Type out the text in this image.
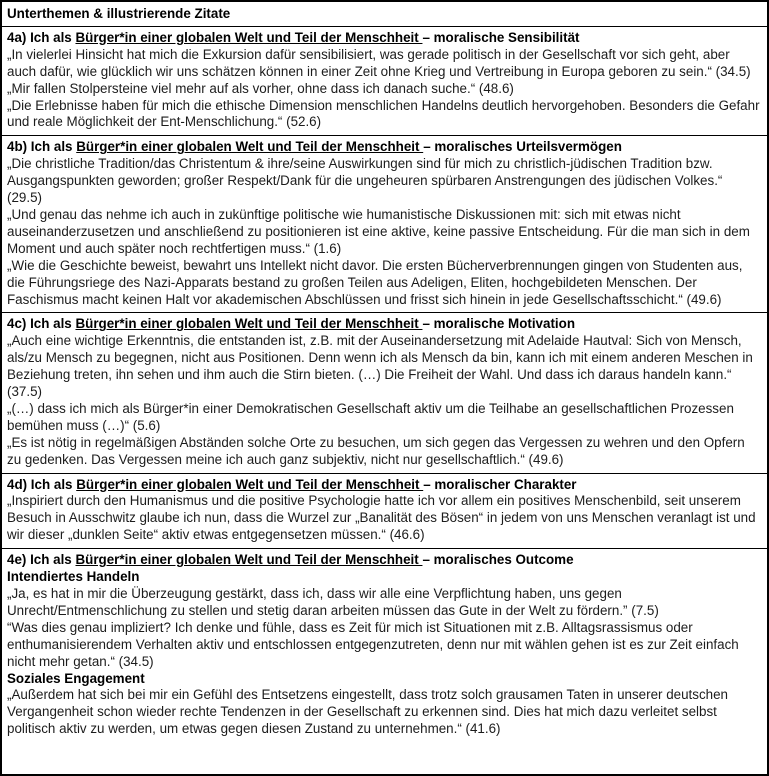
Unterthemen & illustrierende Zitate
4a) Ich als Bürger*in einer globalen Welt und Teil der Menschheit – moralische Sensibilität

„In vielerlei Hinsicht hat mich die Exkursion dafür sensibilisiert, was gerade politisch in der Gesellschaft vor sich geht, aber auch dafür, wie glücklich wir uns schätzen können in einer Zeit ohne Krieg und Vertreibung in Europa geboren zu sein.“ (34.5)

„Mir fallen Stolpersteine viel mehr auf als vorher, ohne dass ich danach suche.“ (48.6)

„Die Erlebnisse haben für mich die ethische Dimension menschlichen Handelns deutlich hervorgehoben. Besonders die Gefahr und reale Möglichkeit der Ent-Menschlichung.“ (52.6)

4b) Ich als Bürger*in einer globalen Welt und Teil der Menschheit – moralisches Urteilsvermögen

„Die christliche Tradition/das Christentum & ihre/seine Auswirkungen sind für mich zu christlich-jüdischen Tradition bzw. Ausgangspunkten geworden; großer Respekt/Dank für die ungeheuren spürbaren Anstrengungen des jüdischen Volkes.“ (29.5)

„Und genau das nehme ich auch in zukünftige politische wie humanistische Diskussionen mit: sich mit etwas nicht auseinanderzusetzen und anschließend zu positionieren ist eine aktive, keine passive Entscheidung. Für die man sich in dem Moment und auch später noch rechtfertigen muss.“ (1.6)

„Wie die Geschichte beweist, bewahrt uns Intellekt nicht davor. Die ersten Bücherverbrennungen gingen von Studenten aus, die Führungsriege des Nazi-Apparats bestand zu großen Teilen aus Adeligen, Eliten, hochgebildeten Menschen. Der Faschismus macht keinen Halt vor akademischen Abschlüssen und frisst sich hinein in jede Gesellschaftsschicht.“ (49.6)

4c) Ich als Bürger*in einer globalen Welt und Teil der Menschheit – moralische Motivation

„Auch eine wichtige Erkenntnis, die entstanden ist, z.B. mit der Auseinandersetzung mit Adelaide Hautval: Sich von Mensch, als/zu Mensch zu begegnen, nicht aus Positionen. Denn wenn ich als Mensch da bin, kann ich mit einem anderen Meschen in Beziehung treten, ihn sehen und ihm auch die Stirn bieten. (…) Die Freiheit der Wahl. Und dass ich daraus handeln kann.“ (37.5)

„(…) dass ich mich als Bürger*in einer Demokratischen Gesellschaft aktiv um die Teilhabe an gesellschaftlichen Prozessen bemühen muss (…)“ (5.6)

„Es ist nötig in regelmäßigen Abständen solche Orte zu besuchen, um sich gegen das Vergessen zu wehren und den Opfern zu gedenken. Das Vergessen meine ich auch ganz subjektiv, nicht nur gesellschaftlich.“ (49.6)

4d) Ich als Bürger*in einer globalen Welt und Teil der Menschheit – moralischer Charakter

„Inspiriert durch den Humanismus und die positive Psychologie hatte ich vor allem ein positives Menschenbild, seit unserem Besuch in Ausschwitz glaube ich nun, dass die Wurzel zur „Banalität des Bösen“ in jedem von uns Menschen veranlagt ist und wir dieser „dunklen Seite“ aktiv etwas entgegensetzen müssen.“ (46.6)

4e) Ich als Bürger*in einer globalen Welt und Teil der Menschheit – moralisches Outcome
Intendiertes Handeln

„Ja, es hat in mir die Überzeugung gestärkt, dass ich, dass wir alle eine Verpflichtung haben, uns gegen Unrecht/Entmenschlichung zu stellen und stetig daran arbeiten müssen das Gute in der Welt zu fördern.” (7.5)

“Was dies genau impliziert? Ich denke und fühle, dass es Zeit für mich ist Situationen mit z.B. Alltagsrassismus oder enthumanisierendem Verhalten aktiv und entschlossen entgegenzutreten, denn nur mit wählen gehen ist es zur Zeit einfach nicht mehr getan.“ (34.5)

Soziales Engagement

„Außerdem hat sich bei mir ein Gefühl des Entsetzens eingestellt, dass trotz solch grausamen Taten in unserer deutschen Vergangenheit schon wieder rechte Tendenzen in der Gesellschaft zu erkennen sind. Dies hat mich dazu verleitet selbst politisch aktiv zu werden, um etwas gegen diesen Zustand zu unternehmen.“ (41.6)
